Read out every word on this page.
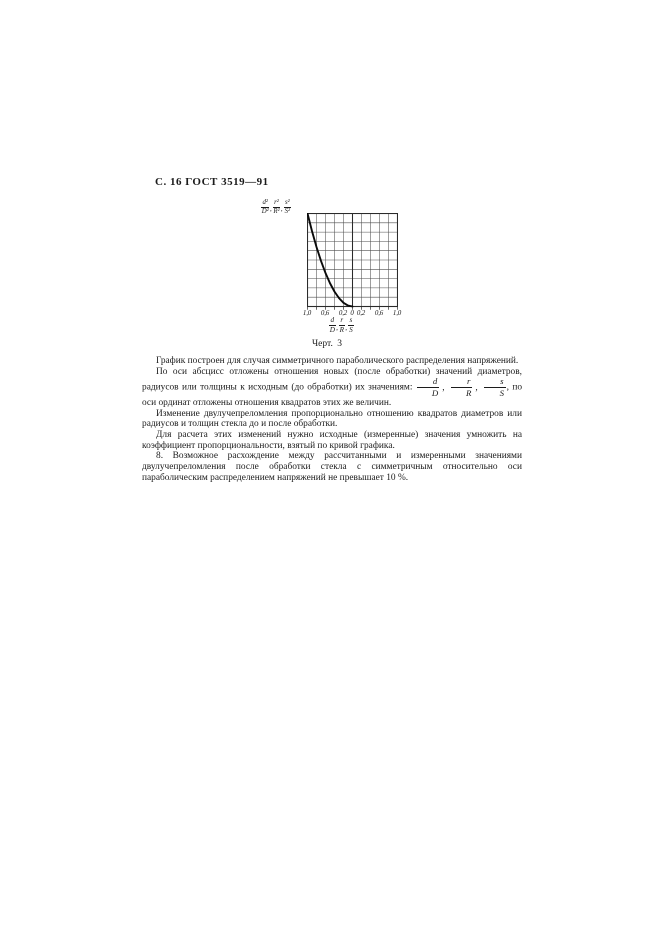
С. 16 ГОСТ 3519—91
$\frac{\text{d²}}{\text{D²}}$ , $\frac{\text{r²}}{\text{R²}}$ , $\frac{\text{s²}}{\text{S²}}$
1,0 0,6 0,2 0 0,2 0,6 1,0
$\frac{d}{D}$ , $\frac{r}{R}$ , $\frac{s}{S}$
Черт. 3

График построен для случая симметричного параболического распределения напряжений.

По оси абсцисс отложены отношения новых (после обработки) значений диаметров, радиусов или толщины к исходным (до обработки) их значениям: $\frac{d}{D}$ , $\frac{r}{R}$ , $\frac{s}{S}$ , по оси ординат отложены отношения квадратов этих же величин.

Изменение двулучепреломления пропорционально отношению квадратов диаметров или радиусов и толщин стекла до и после обработки.

Для расчета этих изменений нужно исходные (измеренные) значения умножить на коэффициент пропорциональности, взятый по кривой графика.

8. Возможное расхождение между рассчитанными и измеренными значениями двулучепреломления после обработки стекла с симметричным относительно оси параболическим распределением напряжений не превышает 10 %.
